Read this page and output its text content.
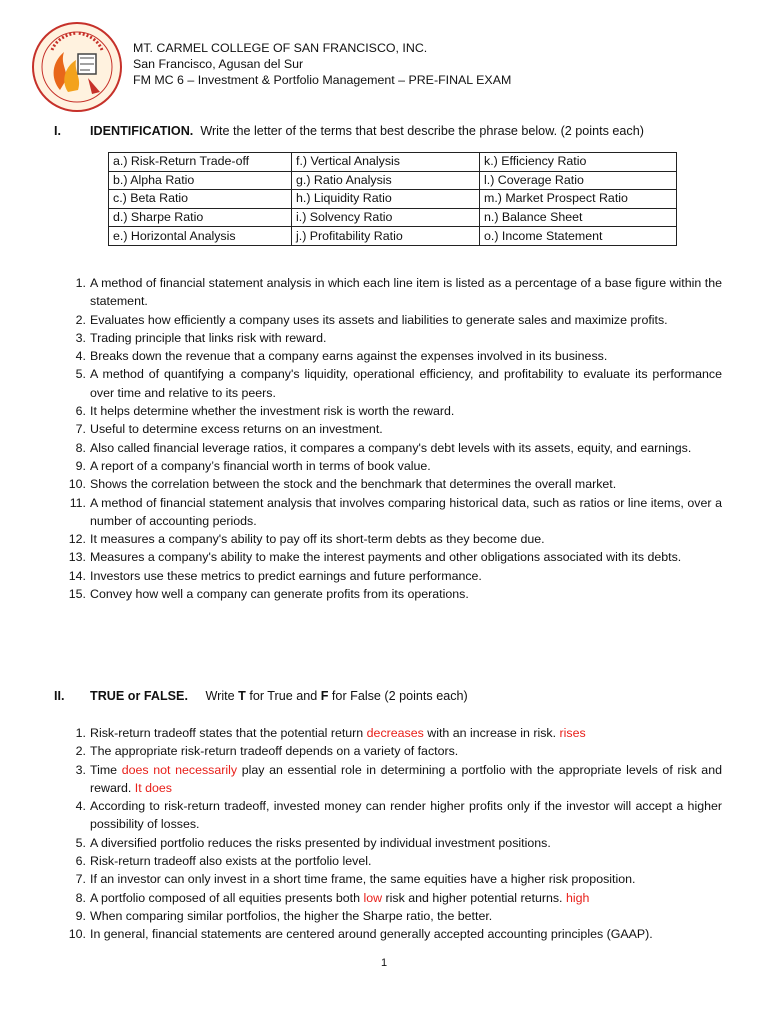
MT. CARMEL COLLEGE OF SAN FRANCISCO, INC.
San Francisco, Agusan del Sur
FM MC 6 – Investment & Portfolio Management – PRE-FINAL EXAM
I. IDENTIFICATION. Write the letter of the terms that best describe the phrase below. (2 points each)
a.) Risk-Return Trade-off	f.) Vertical Analysis	k.) Efficiency Ratio
b.) Alpha Ratio	g.) Ratio Analysis	l.) Coverage Ratio
c.) Beta Ratio	h.) Liquidity Ratio	m.) Market Prospect Ratio
d.) Sharpe Ratio	i.) Solvency Ratio	n.) Balance Sheet
e.) Horizontal Analysis	j.) Profitability Ratio	o.) Income Statement
1. A method of financial statement analysis in which each line item is listed as a percentage of a base figure within the statement.
2. Evaluates how efficiently a company uses its assets and liabilities to generate sales and maximize profits.
3. Trading principle that links risk with reward.
4. Breaks down the revenue that a company earns against the expenses involved in its business.
5. A method of quantifying a company's liquidity, operational efficiency, and profitability to evaluate its performance over time and relative to its peers.
6. It helps determine whether the investment risk is worth the reward.
7. Useful to determine excess returns on an investment.
8. Also called financial leverage ratios, it compares a company's debt levels with its assets, equity, and earnings.
9. A report of a company’s financial worth in terms of book value.
10. Shows the correlation between the stock and the benchmark that determines the overall market.
11. A method of financial statement analysis that involves comparing historical data, such as ratios or line items, over a number of accounting periods.
12. It measures a company's ability to pay off its short-term debts as they become due.
13. Measures a company's ability to make the interest payments and other obligations associated with its debts.
14. Investors use these metrics to predict earnings and future performance.
15. Convey how well a company can generate profits from its operations.
II. TRUE or FALSE. Write T for True and F for False (2 points each)
1. Risk-return tradeoff states that the potential return decreases with an increase in risk. rises
2. The appropriate risk-return tradeoff depends on a variety of factors.
3. Time does not necessarily play an essential role in determining a portfolio with the appropriate levels of risk and reward. It does
4. According to risk-return tradeoff, invested money can render higher profits only if the investor will accept a higher possibility of losses.
5. A diversified portfolio reduces the risks presented by individual investment positions.
6. Risk-return tradeoff also exists at the portfolio level.
7. If an investor can only invest in a short time frame, the same equities have a higher risk proposition.
8. A portfolio composed of all equities presents both low risk and higher potential returns. high
9. When comparing similar portfolios, the higher the Sharpe ratio, the better.
10. In general, financial statements are centered around generally accepted accounting principles (GAAP).
1
